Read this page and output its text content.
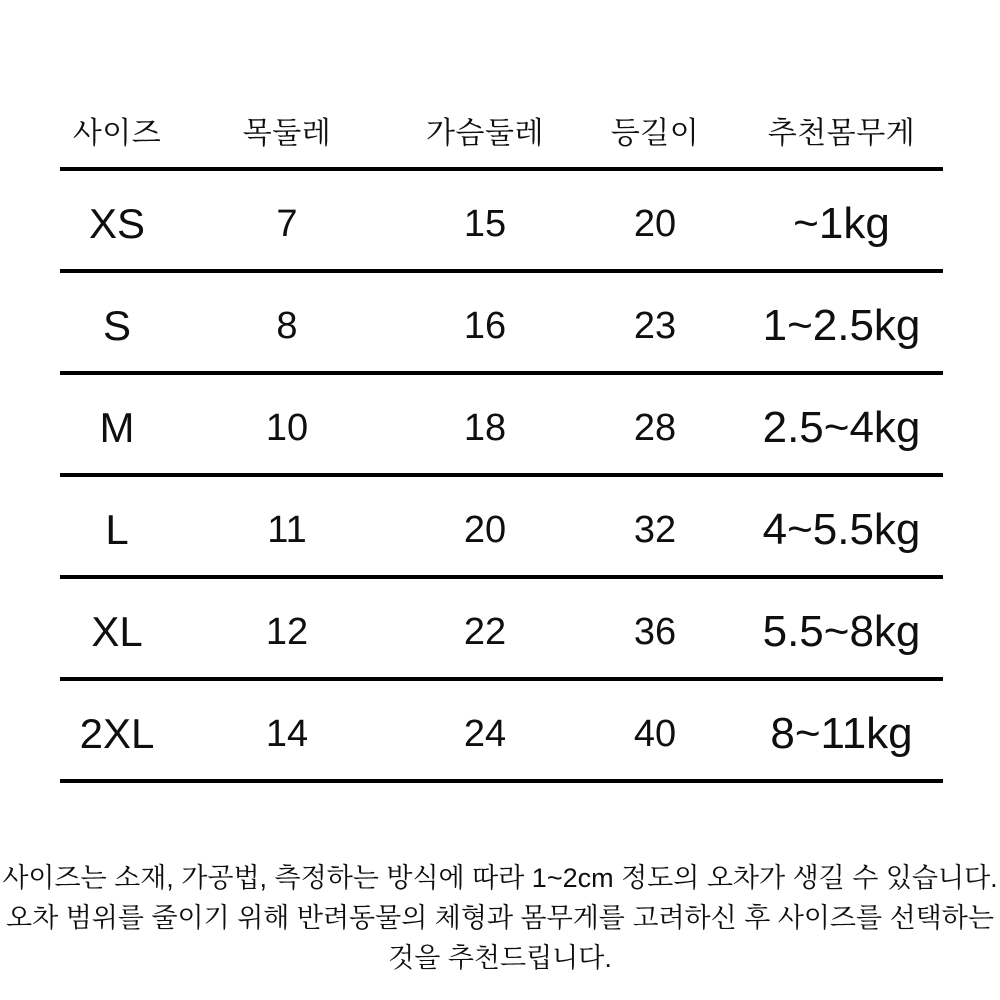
사이즈	목둘레	가슴둘레	등길이	추천몸무게
XS	7	15	20	~1kg
S	8	16	23	1~2.5kg
M	10	18	28	2.5~4kg
L	11	20	32	4~5.5kg
XL	12	22	36	5.5~8kg
2XL	14	24	40	8~11kg

사이즈는 소재, 가공법, 측정하는 방식에 따라 1~2cm 정도의 오차가 생길 수 있습니다.

오차 범위를 줄이기 위해 반려동물의 체형과 몸무게를 고려하신 후 사이즈를 선택하는것을 추천드립니다.
